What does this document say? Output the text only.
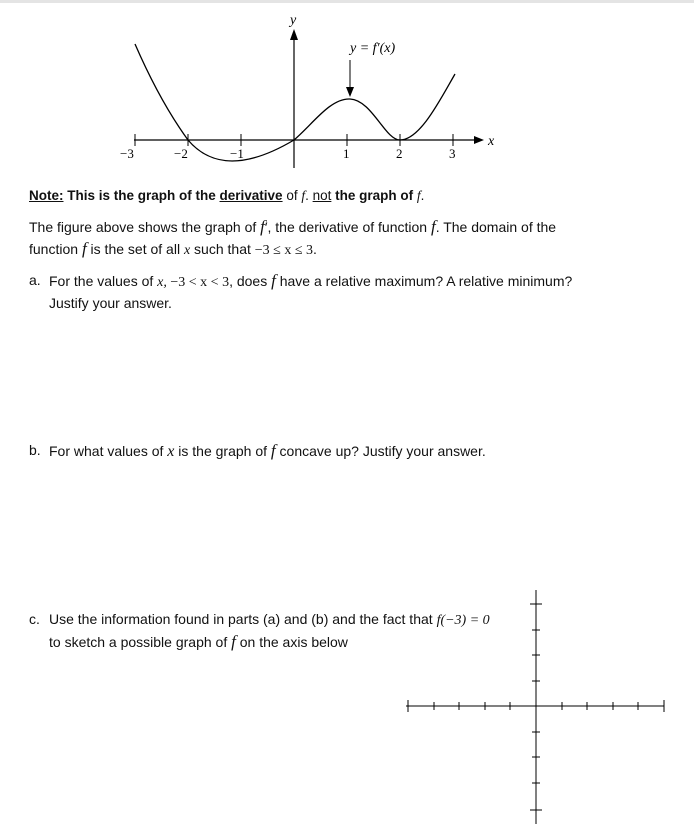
y
x
y = f′(x)
−3	−2	−1	1	2	3
Note: This is the graph of the derivative of f. not the graph of f.
The figure above shows the graph of f′, the derivative of function f. The domain of the
function f is the set of all x such that −3 ≤ x ≤ 3.
a. For the values of x, −3 < x < 3, does f have a relative maximum? A relative minimum?
Justify your answer.
b. For what values of x is the graph of f concave up? Justify your answer.
c. Use the information found in parts (a) and (b) and the fact that f(−3) = 0
to sketch a possible graph of f on the axis below
